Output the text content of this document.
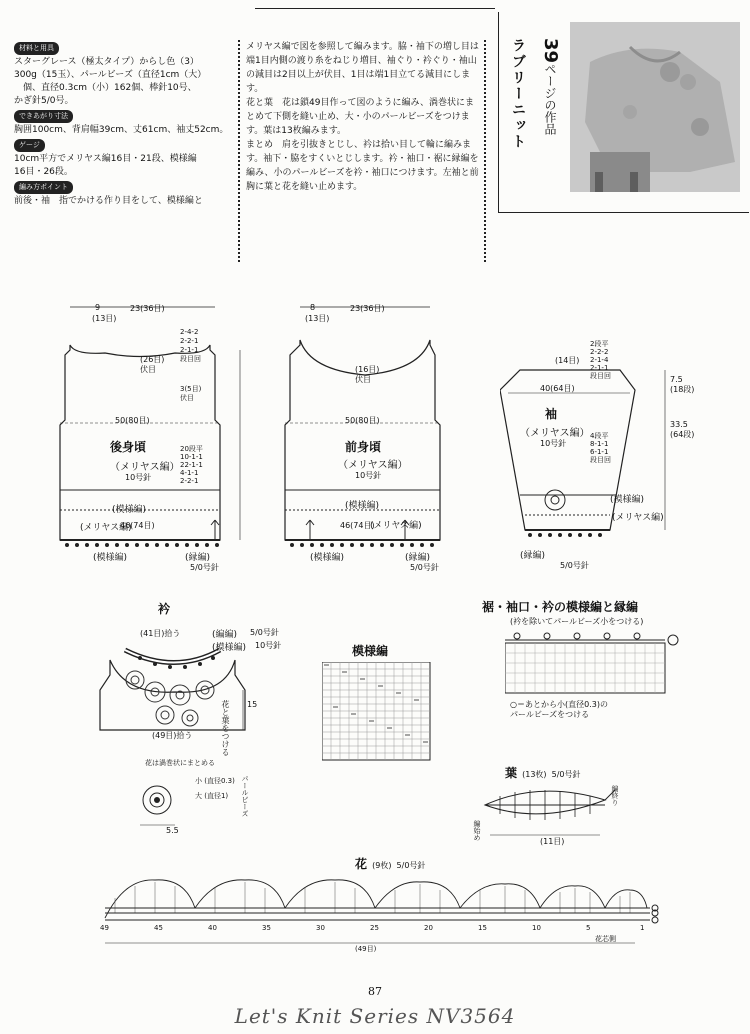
材料と用具

スターグレース（極太タイプ）からし色（3）

300g（15玉）、パールビーズ（直径1cm（大）

　個、直径0.3cm（小）162個、棒針10号、

かぎ針5/0号。

できあがり寸法

胸囲100cm、背肩幅39cm、丈61cm、袖丈52cm。

ゲージ

10cm平方でメリヤス編16目・21段、模様編

16目・26段。

編み方ポイント

前後・袖　指でかける作り目をして、模様編と

メリヤス編で図を参照して編みます。脇・袖下の増し目は端1目内側の渡り糸をねじり増目、袖ぐり・衿ぐり・袖山の減目は2目以上が伏目、1目は端1目立てる減目にします。

花と葉　花は鎖49目作って図のように編み、渦巻状にまとめて下側を縫い止め、大・小のパールビーズをつけます。葉は13枚編みます。

まとめ　肩を引抜きとじし、衿は拾い目して輪に編みます。袖下・脇をすくいとじします。衿・袖口・裾に縁編を編み、小のパールビーズを衿・袖口につけます。左袖と前胸に葉と花を縫い止めます。

ラブリーニット 39ページの作品
後身頃
（メリヤス編）
10号針
23(36目)
9
(13目)
50(80目)
46(74目)
(模様編)
(メリヤス編)
(模様編)	(縁編)
5/0号針
(26目)
伏目
2-4-2
2-2-1
2-1-1
段目回
3(5目)
伏目
20段平
10-1-1
22-1-1
4-1-1
2-2-1
前身頃
（メリヤス編）
10号針
23(36目)
8
(13目)
50(80目)
46(74目)
(模様編)
(メリヤス編)
(模様編)	(縁編)
5/0号針
(16目)
伏目
袖
（メリヤス編）
10号針
(14目)
40(64目)
(模様編)
(メリヤス編)
(縁編)
5/0号針
33.5
(64段)
7.5
(18段)
2段平
2-2-2
2-1-4
2-1-1
段目回
4段平
8-1-1
6-1-1
段目回
衿
(編編)
(模様編)
5/0号針
10号針
(41目)拾う
(49目)拾う
15
花と葉をつける
花は渦巻状にまとめる
小 (直径0.3)
大 (直径1) パールビーズ
5.5
模様編
裾・袖口・衿の模様編と縁編
(衿を除いてパールビーズ小をつける)
○＝あとから小(直径0.3)の
パールビーズをつける
葉 (13枚) 5/0号針
編始め
編終り
(11目)
花 (9枚) 5/0号針
49	45	40	35	30	25	20	15	10	5	1
花芯側
(49目)
87
Let's Knit Series NV3564
